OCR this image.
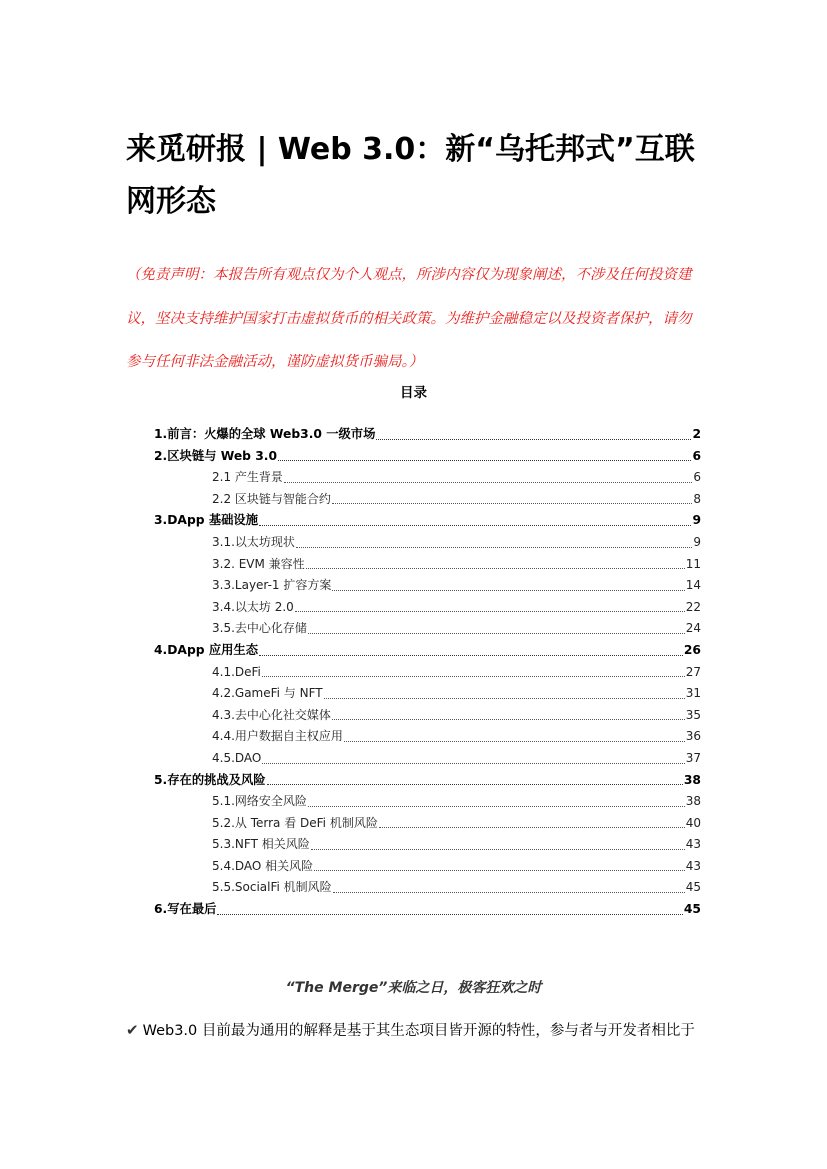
来觅研报 | Web 3.0：新“乌托邦式”互联网形态

（免责声明：本报告所有观点仅为个人观点，所涉内容仅为现象阐述，不涉及任何投资建议，坚决支持维护国家打击虚拟货币的相关政策。为维护金融稳定以及投资者保护，请勿参与任何非法金融活动，谨防虚拟货币骗局。）

目录
1.前言：火爆的全球 Web3.0 一级市场	2
2.区块链与 Web 3.0	6
2.1 产生背景	6
2.2 区块链与智能合约	8
3.DApp 基础设施	9
3.1.以太坊现状	9
3.2. EVM 兼容性	11
3.3.Layer-1 扩容方案	14
3.4.以太坊 2.0	22
3.5.去中心化存储	24
4.DApp 应用生态	26
4.1.DeFi	27
4.2.GameFi 与 NFT	31
4.3.去中心化社交媒体	35
4.4.用户数据自主权应用	36
4.5.DAO	37
5.存在的挑战及风险	38
5.1.网络安全风险	38
5.2.从 Terra 看 DeFi 机制风险	40
5.3.NFT 相关风险	43
5.4.DAO 相关风险	43
5.5.SocialFi 机制风险	45
6.写在最后	45
“The Merge”来临之日，极客狂欢之时
✔ Web3.0 目前最为通用的解释是基于其生态项目皆开源的特性，参与者与开发者相比于
